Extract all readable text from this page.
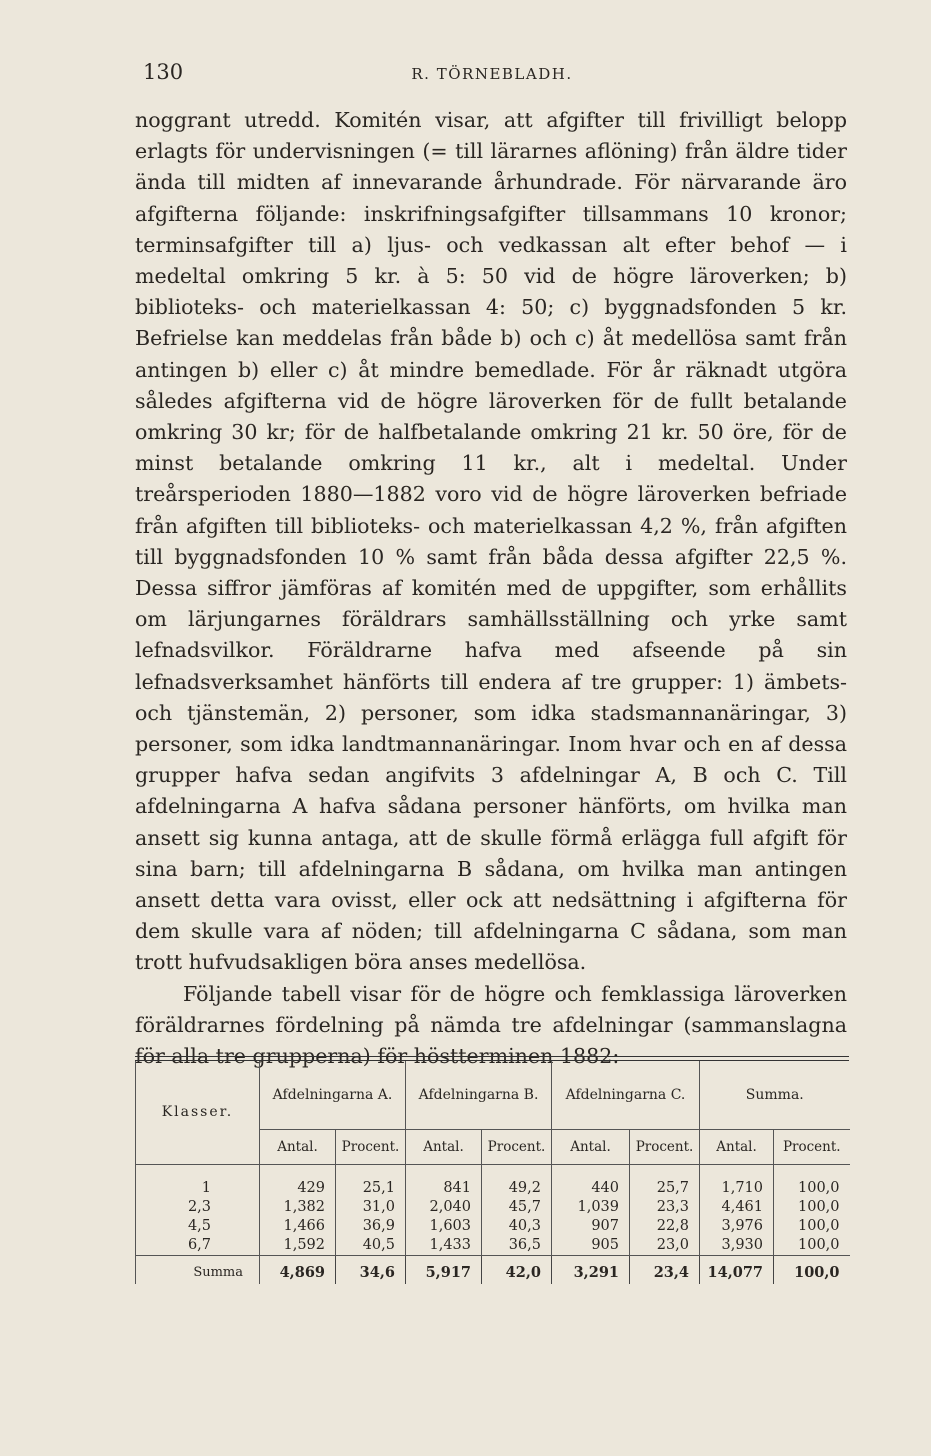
130	R. TÖRNEBLADH.

noggrant utredd. Komitén visar, att afgifter till frivilligt belopp erlagts för undervisningen (= till lärarnes aflöning) från äldre tider ända till midten af innevarande århundrade. För närvarande äro afgifterna följande: inskrifningsafgifter tillsammans 10 kronor; terminsafgifter till a) ljus- och vedkassan alt efter behof — i medeltal omkring 5 kr. à 5: 50 vid de högre läroverken; b) biblioteks- och materielkassan 4: 50; c) byggnadsfonden 5 kr. Befrielse kan meddelas från både b) och c) åt medellösa samt från antingen b) eller c) åt mindre bemedlade. För år räknadt utgöra således afgifterna vid de högre läroverken för de fullt betalande omkring 30 kr; för de halfbetalande omkring 21 kr. 50 öre, för de minst betalande omkring 11 kr., alt i medeltal. Under treårsperioden 1880—1882 voro vid de högre läroverken befriade från afgiften till biblioteks- och materielkassan 4,2 %, från afgiften till byggnadsfonden 10 % samt från båda dessa afgifter 22,5 %. Dessa siffror jämföras af komitén med de uppgifter, som erhållits om lärjungarnes föräldrars samhällsställning och yrke samt lefnadsvilkor. Föräldrarne hafva med afseende på sin lefnadsverksamhet hänförts till endera af tre grupper: 1) ämbets- och tjänstemän, 2) personer, som idka stadsmannanäringar, 3) personer, som idka landtmannanäringar. Inom hvar och en af dessa grupper hafva sedan angifvits 3 afdelningar A, B och C. Till afdelningarna A hafva sådana personer hänförts, om hvilka man ansett sig kunna antaga, att de skulle förmå erlägga full afgift för sina barn; till afdelningarna B sådana, om hvilka man antingen ansett detta vara ovisst, eller ock att nedsättning i afgifterna för dem skulle vara af nöden; till afdelningarna C sådana, som man trott hufvudsakligen böra anses medellösa.

Följande tabell visar för de högre och femklassiga läroverken föräldrarnes fördelning på nämda tre afdelningar (sammanslagna för alla tre grupperna) för höstterminen 1882:

Klasser.	Afdelningarna A.		Afdelningarna B.		Afdelningarna C.		Summa.	
	Antal.	Procent.	Antal.	Procent.	Antal.	Procent.	Antal.	Procent.
1	429	25,1	841	49,2	440	25,7	1,710	100,0
2,3	1,382	31,0	2,040	45,7	1,039	23,3	4,461	100,0
4,5	1,466	36,9	1,603	40,3	907	22,8	3,976	100,0
6,7	1,592	40,5	1,433	36,5	905	23,0	3,930	100,0
Summa	4,869	34,6	5,917	42,0	3,291	23,4	14,077	100,0
